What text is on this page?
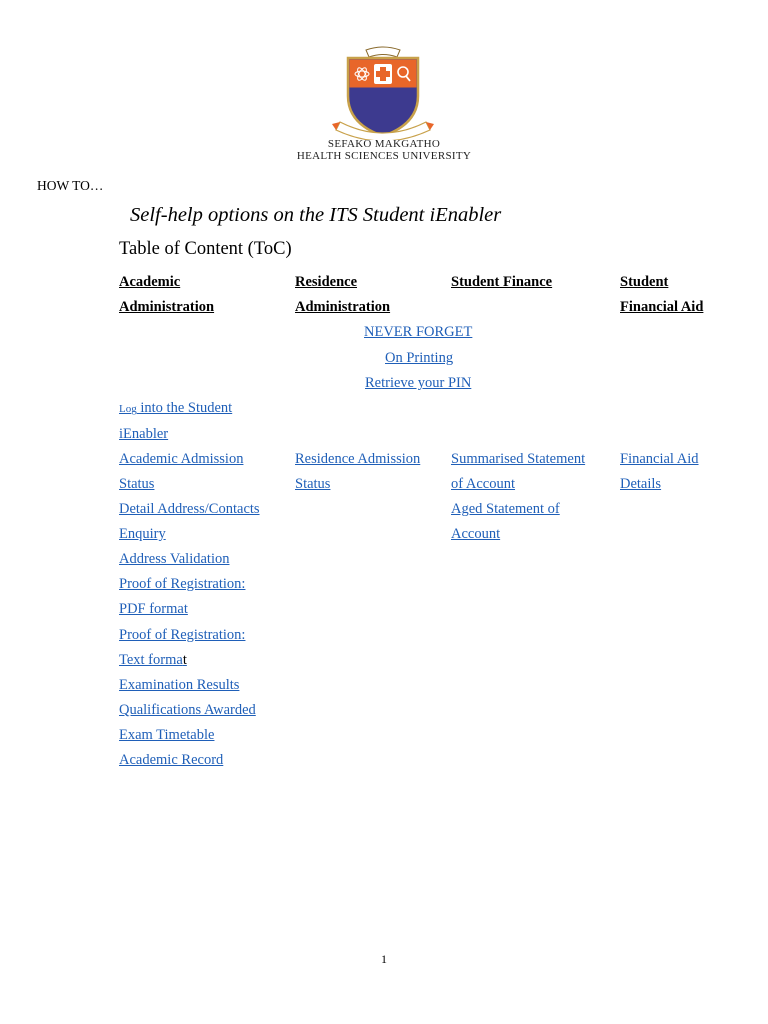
SEFAKO MAKGATHO
HEALTH SCIENCES UNIVERSITY
HOW TO…
Self-help options on the ITS Student iEnabler
Table of Content (ToC)
Academic
Administration
Residence
Administration
Student Finance	Student
Financial Aid
NEVER FORGET
On Printing
Retrieve your PIN
Log into the Student
iEnabler
Academic Admission
Status
Detail Address/Contacts
Enquiry
Address Validation
Proof of Registration:
PDF format
Proof of Registration:
Text format
Examination Results
Qualifications Awarded
Exam Timetable
Academic Record
Residence Admission
Status
Summarised Statement
of Account
Aged Statement of
Account
Financial Aid
Details
1
